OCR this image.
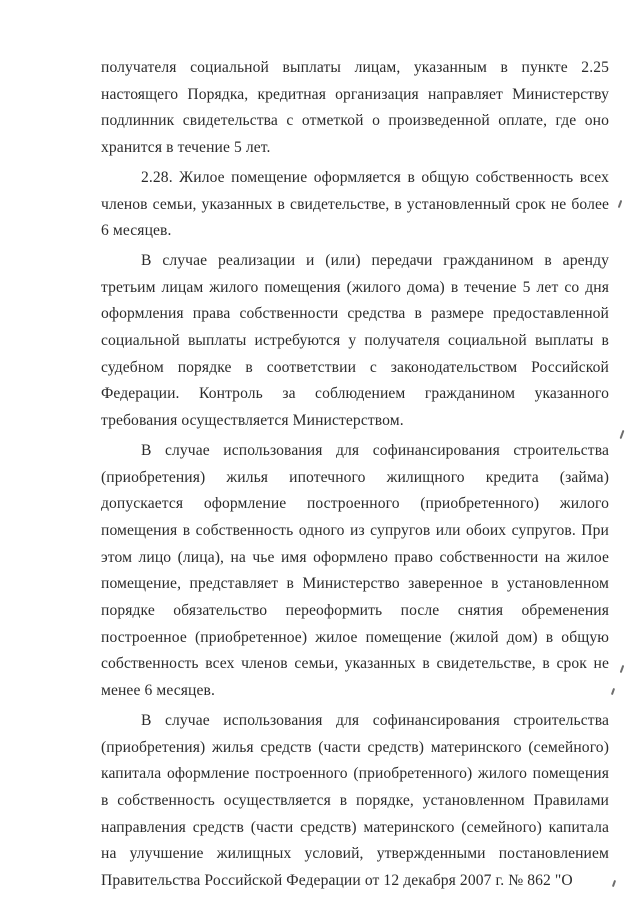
получателя социальной выплаты лицам, указанным в пункте 2.25 настоящего Порядка, кредитная организация направляет Министерству подлинник свидетельства с отметкой о произведенной оплате, где оно хранится в течение 5 лет.

2.28. Жилое помещение оформляется в общую собственность всех членов семьи, указанных в свидетельстве, в установленный срок не более 6 месяцев.

В случае реализации и (или) передачи гражданином в аренду третьим лицам жилого помещения (жилого дома) в течение 5 лет со дня оформления права собственности средства в размере предоставленной социальной выплаты истребуются у получателя социальной выплаты в судебном порядке в соответствии с законодательством Российской Федерации. Контроль за соблюдением гражданином указанного требования осуществляется Министерством.

В случае использования для софинансирования строительства (приобретения) жилья ипотечного жилищного кредита (займа) допускается оформление построенного (приобретенного) жилого помещения в собственность одного из супругов или обоих супругов. При этом лицо (лица), на чье имя оформлено право собственности на жилое помещение, представляет в Министерство заверенное в установленном порядке обязательство переоформить после снятия обременения построенное (приобретенное) жилое помещение (жилой дом) в общую собственность всех членов семьи, указанных в свидетельстве, в срок не менее 6 месяцев.

В случае использования для софинансирования строительства (приобретения) жилья средств (части средств) материнского (семейного) капитала оформление построенного (приобретенного) жилого помещения в собственность осуществляется в порядке, установленном Правилами направления средств (части средств) материнского (семейного) капитала на улучшение жилищных условий, утвержденными постановлением Правительства Российской Федерации от 12 декабря 2007 г. № 862 "О
